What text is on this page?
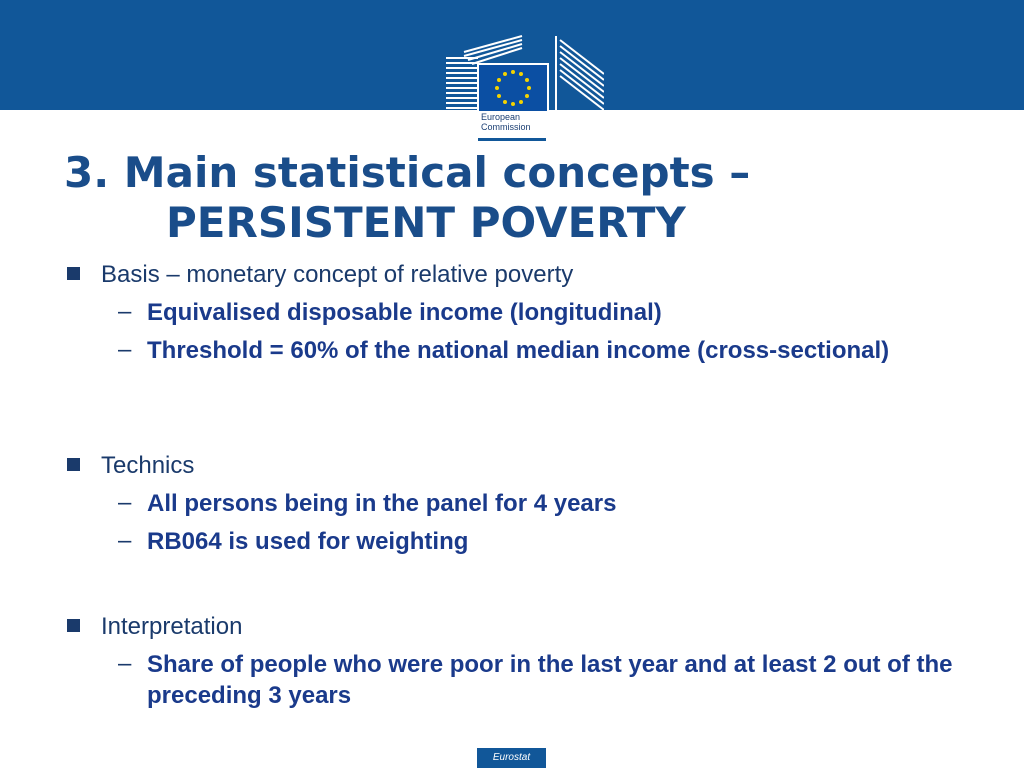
European
Commission
3. Main statistical concepts –
PERSISTENT POVERTY
Basis – monetary concept of relative poverty
– Equivalised disposable income (longitudinal)
– Threshold = 60% of the national median income (cross-sectional)
Technics
– All persons being in the panel for 4 years
– RB064 is used for weighting
Interpretation
– Share of people who were poor in the last year and at least 2 out of the preceding 3 years
Eurostat
